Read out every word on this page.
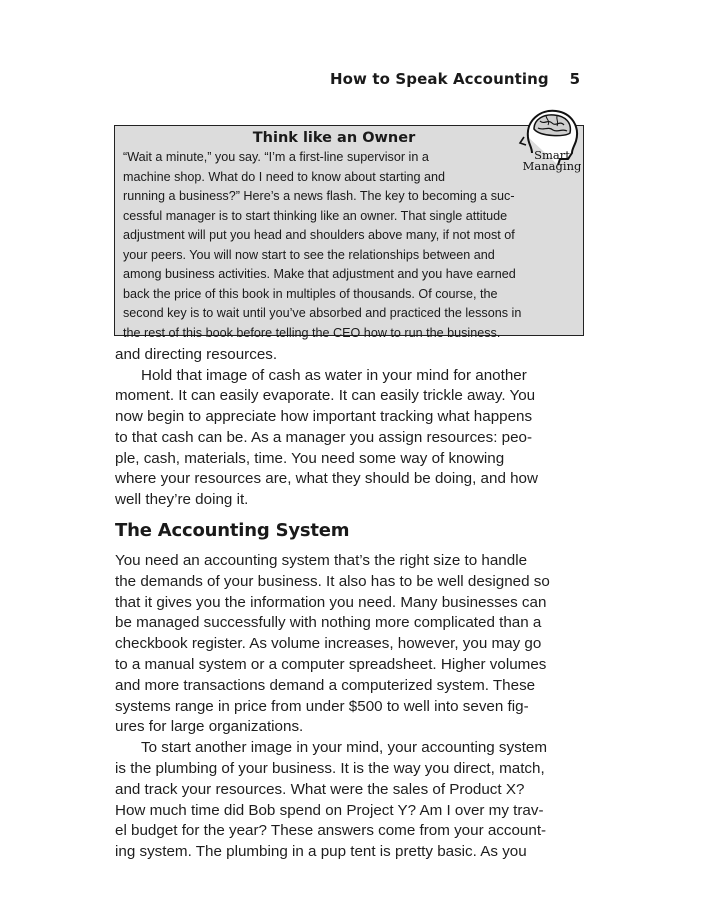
How to Speak Accounting 5
Think like an Owner
“Wait a minute,” you say. “I’m a first-line supervisor in a
machine shop. What do I need to know about starting and
running a business?” Here’s a news flash. The key to becoming a suc-
cessful manager is to start thinking like an owner. That single attitude
adjustment will put you head and shoulders above many, if not most of
your peers. You will now start to see the relationships between and
among business activities. Make that adjustment and you have earned
back the price of this book in multiples of thousands. Of course, the
second key is to wait until you’ve absorbed and practiced the lessons in
the rest of this book before telling the CEO how to run the business.
Smart
Managing
and directing resources.
Hold that image of cash as water in your mind for another
moment. It can easily evaporate. It can easily trickle away. You
now begin to appreciate how important tracking what happens
to that cash can be. As a manager you assign resources: peo-
ple, cash, materials, time. You need some way of knowing
where your resources are, what they should be doing, and how
well they’re doing it.
The Accounting System
You need an accounting system that’s the right size to handle
the demands of your business. It also has to be well designed so
that it gives you the information you need. Many businesses can
be managed successfully with nothing more complicated than a
checkbook register. As volume increases, however, you may go
to a manual system or a computer spreadsheet. Higher volumes
and more transactions demand a computerized system. These
systems range in price from under $500 to well into seven fig-
ures for large organizations.
To start another image in your mind, your accounting system
is the plumbing of your business. It is the way you direct, match,
and track your resources. What were the sales of Product X?
How much time did Bob spend on Project Y? Am I over my trav-
el budget for the year? These answers come from your account-
ing system. The plumbing in a pup tent is pretty basic. As you
